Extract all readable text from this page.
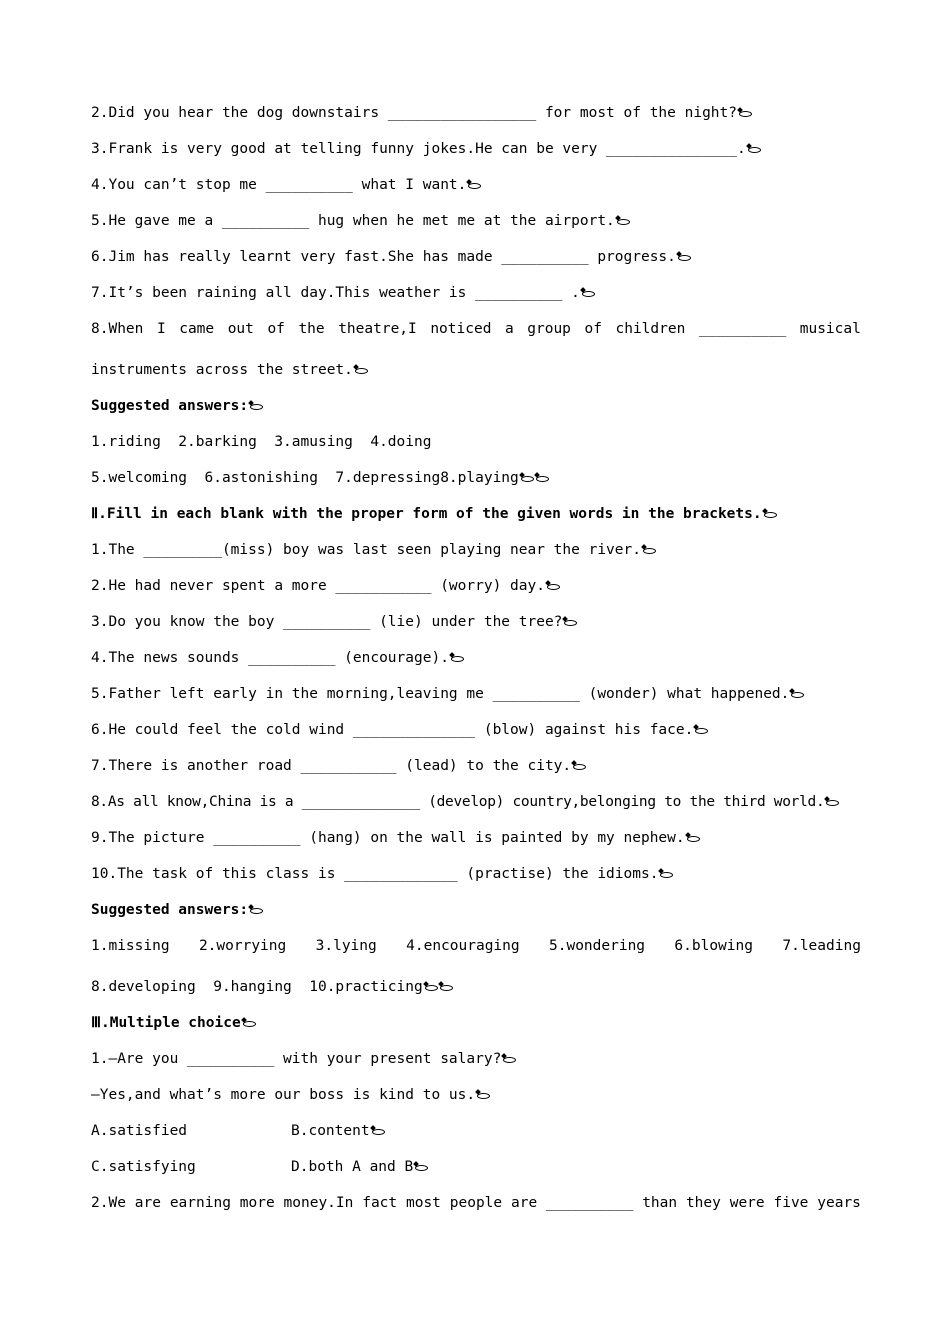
2.Did you hear the dog downstairs _________________ for most of the night?
3.Frank is very good at telling funny jokes.He can be very _______________.
4.You can’t stop me __________ what I want.
5.He gave me a __________ hug when he met me at the airport.
6.Jim has really learnt very fast.She has made __________ progress.
7.It’s been raining all day.This weather is __________ .
8.When I came out of the theatre,I noticed a group of children __________ musical
instruments across the street.
Suggested answers:
1.riding  2.barking  3.amusing  4.doing
5.welcoming  6.astonishing  7.depressing8.playing
Ⅱ.Fill in each blank with the proper form of the given words in the brackets.
1.The _________(miss) boy was last seen playing near the river.
2.He had never spent a more ___________ (worry) day.
3.Do you know the boy __________ (lie) under the tree?
4.The news sounds __________ (encourage).
5.Father left early in the morning,leaving me __________ (wonder) what happened.
6.He could feel the cold wind ______________ (blow) against his face.
7.There is another road ___________ (lead) to the city.
8.As all know,China is a ______________ (develop) country,belonging to the third world.
9.The picture __________ (hang) on the wall is painted by my nephew.
10.The task of this class is _____________ (practise) the idioms.
Suggested answers:
1.missing 2.worrying 3.lying 4.encouraging 5.wondering 6.blowing 7.leading
8.developing  9.hanging  10.practicing
Ⅲ.Multiple choice
1.—Are you __________ with your present salary?
—Yes,and what’s more our boss is kind to us.
A.satisfied	B.content
C.satisfying	D.both A and B
2.We are earning more money.In fact most people are __________ than they were five years
